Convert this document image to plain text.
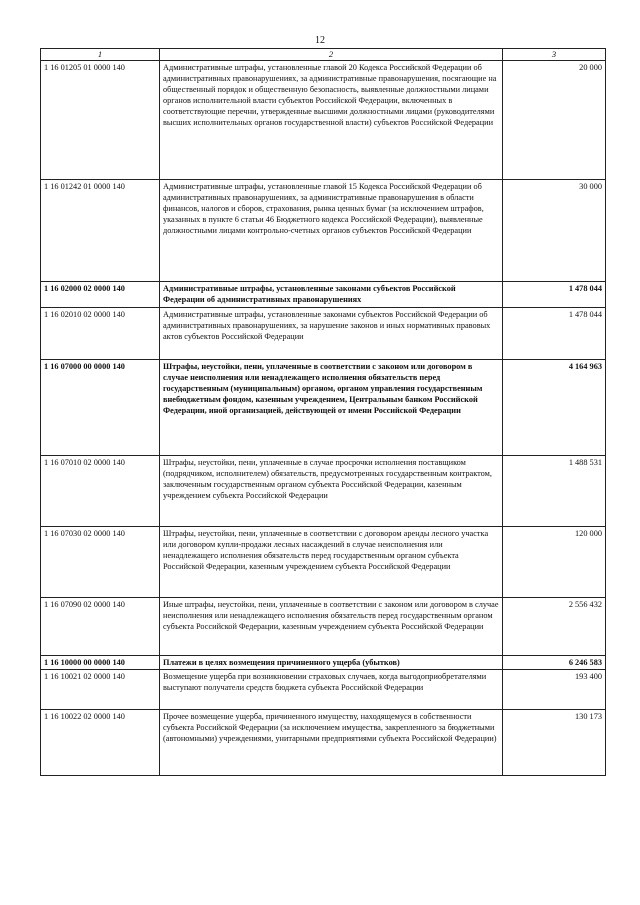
12
1	2	3
1 16 01205 01 0000 140	Административные штрафы, установленные главой 20 Кодекса Российской Федерации об административных правонарушениях, за административные правонарушения, посягающие на общественный порядок и общественную безопасность, выявленные должностными лицами органов исполнительной власти субъектов Российской Федерации, включенных в соответствующие перечни, утвержденные высшими должностными лицами (руководителями высших исполнительных органов государственной власти) субъектов Российской Федерации	20 000
1 16 01242 01 0000 140	Административные штрафы, установленные главой 15 Кодекса Российской Федерации об административных правонарушениях, за административные правонарушения в области финансов, налогов и сборов, страхования, рынка ценных бумаг (за исключением штрафов, указанных в пункте 6 статьи 46 Бюджетного кодекса Российской Федерации), выявленные должностными лицами контрольно-счетных органов субъектов Российской Федерации	30 000
1 16 02000 02 0000 140	Административные штрафы, установленные законами субъектов Российской Федерации об административных правонарушениях	1 478 044
1 16 02010 02 0000 140	Административные штрафы, установленные законами субъектов Российской Федерации об административных правонарушениях, за нарушение законов и иных нормативных правовых актов субъектов Российской Федерации	1 478 044
1 16 07000 00 0000 140	Штрафы, неустойки, пени, уплаченные в соответствии с законом или договором в случае неисполнения или ненадлежащего исполнения обязательств перед государственным (муниципальным) органом, органом управления государственным внебюджетным фондом, казенным учреждением, Центральным банком Российской Федерации, иной организацией, действующей от имени Российской Федерации	4 164 963
1 16 07010 02 0000 140	Штрафы, неустойки, пени, уплаченные в случае просрочки исполнения поставщиком (подрядчиком, исполнителем) обязательств, предусмотренных государственным контрактом, заключенным государственным органом субъекта Российской Федерации, казенным учреждением субъекта Российской Федерации	1 488 531
1 16 07030 02 0000 140	Штрафы, неустойки, пени, уплаченные в соответствии с договором аренды лесного участка или договором купли-продажи лесных насаждений в случае неисполнения или ненадлежащего исполнения обязательств перед государственным органом субъекта Российской Федерации, казенным учреждением субъекта Российской Федерации	120 000
1 16 07090 02 0000 140	Иные штрафы, неустойки, пени, уплаченные в соответствии с законом или договором в случае неисполнения или ненадлежащего исполнения обязательств перед государственным органом субъекта Российской Федерации, казенным учреждением субъекта Российской Федерации	2 556 432
1 16 10000 00 0000 140	Платежи в целях возмещения причиненного ущерба (убытков)	6 246 583
1 16 10021 02 0000 140	Возмещение ущерба при возникновении страховых случаев, когда выгодоприобретателями выступают получатели средств бюджета субъекта Российской Федерации	193 400
1 16 10022 02 0000 140	Прочее возмещение ущерба, причиненного имуществу, находящемуся в собственности субъекта Российской Федерации (за исключением имущества, закрепленного за бюджетными (автономными) учреждениями, унитарными предприятиями субъекта Российской Федерации)	130 173
